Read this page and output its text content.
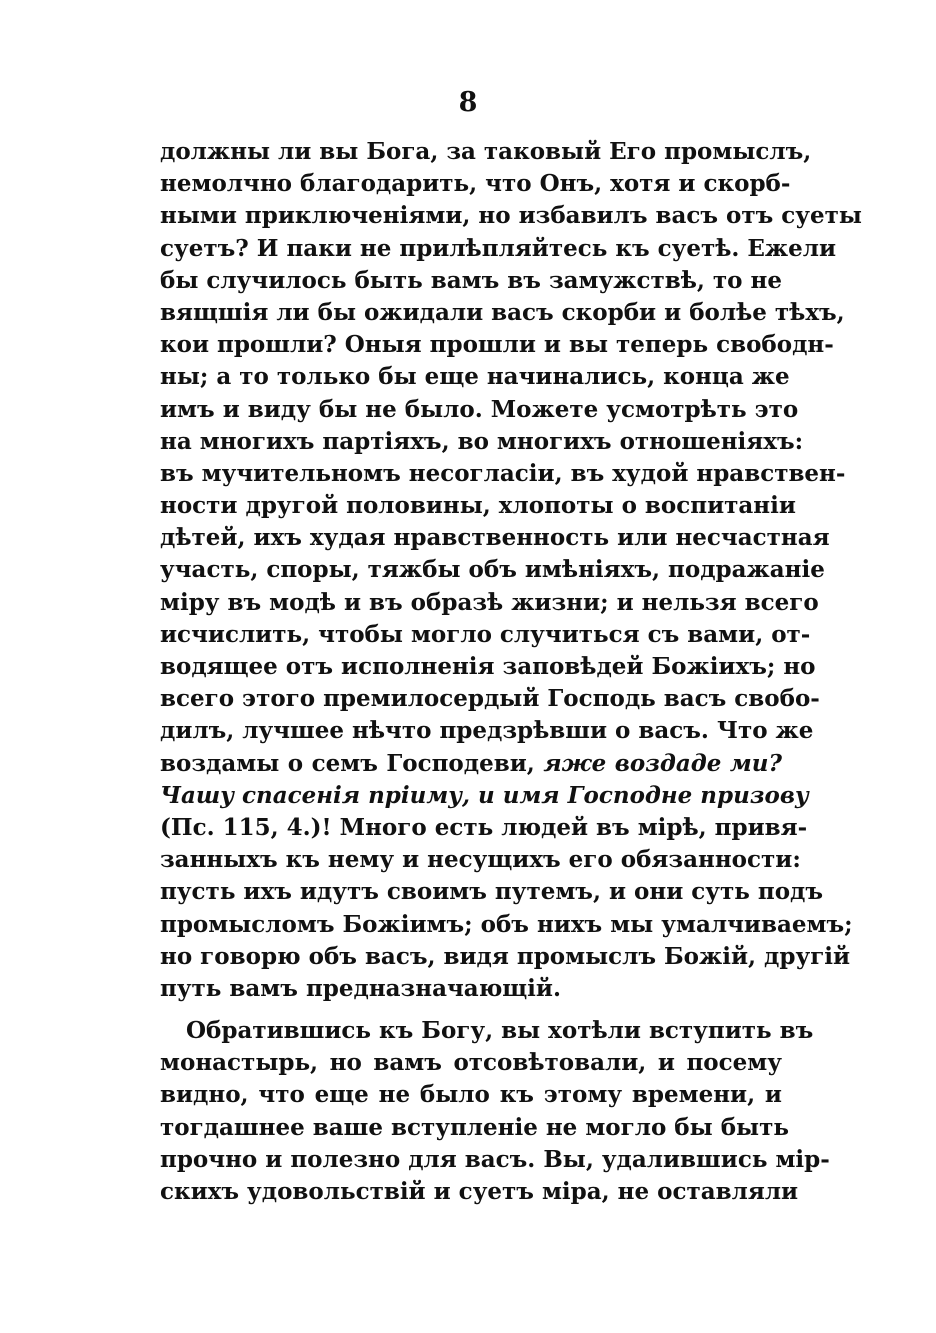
8
должны ли вы Бога, за таковый Его промыслъ,
немолчно благодарить, что Онъ, хотя и скорб-
ными приключеніями, но избавилъ васъ отъ суеты
суетъ? И паки не прилѣпляйтесь къ суетѣ. Ежели
бы случилось быть вамъ въ замужствѣ, то не
вящшія ли бы ожидали васъ скорби и болѣе тѣхъ,
кои прошли? Оныя прошли и вы теперь свободн-
ны; а то только бы еще начинались, конца же
имъ и виду бы не было. Можете усмотрѣть это
на многихъ партіяхъ, во многихъ отношеніяхъ:
въ мучительномъ несогласіи, въ худой нравствен-
ности другой половины, хлопоты о воспитаніи
дѣтей, ихъ худая нравственность или несчастная
участь, споры, тяжбы объ имѣніяхъ, подражаніе
міру въ модѣ и въ образѣ жизни; и нельзя всего
исчислить, чтобы могло случиться съ вами, от-
водящее отъ исполненія заповѣдей Божіихъ; но
всего этого премилосердый Господь васъ свобо-
дилъ, лучшее нѣчто предзрѣвши о васъ. Что же
воздамы о семъ Господеви, яже воздаде ми?
Чашу спасенія пріиму, и имя Господне призову
(Пс. 115, 4.)! Много есть людей въ мірѣ, привя-
занныхъ къ нему и несущихъ его обязанности:
пусть ихъ идутъ своимъ путемъ, и они суть подъ
промысломъ Божіимъ; объ нихъ мы умалчиваемъ;
но говорю объ васъ, видя промыслъ Божій, другій
путь вамъ предназначающій.
Обратившись къ Богу, вы хотѣли вступить въ
монастырь, но вамъ отсовѣтовали, и посему
видно, что еще не было къ этому времени, и
тогдашнее ваше вступленіе не могло бы быть
прочно и полезно для васъ. Вы, удалившись мір-
скихъ удовольствій и суетъ міра, не оставляли
